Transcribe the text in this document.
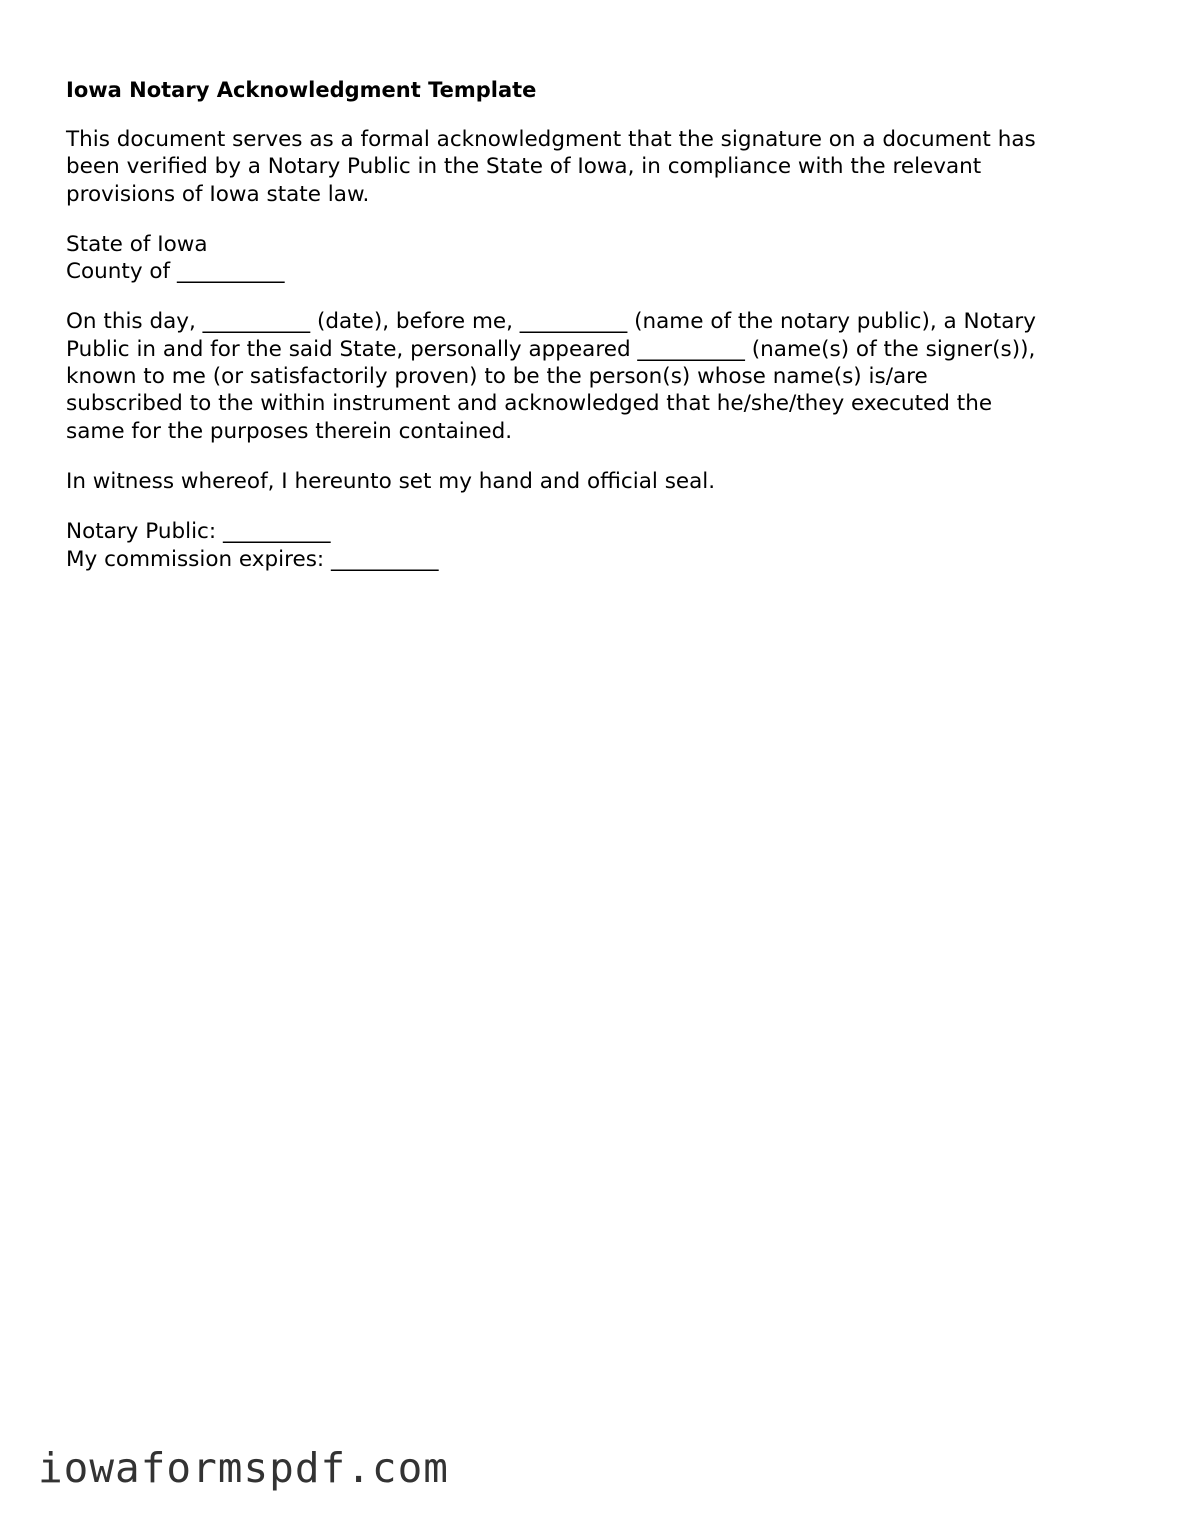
Iowa Notary Acknowledgment Template
This document serves as a formal acknowledgment that the signature on a document has
been verified by a Notary Public in the State of Iowa, in compliance with the relevant
provisions of Iowa state law.
State of Iowa
County of __________
On this day, __________ (date), before me, __________ (name of the notary public), a Notary
Public in and for the said State, personally appeared __________ (name(s) of the signer(s)),
known to me (or satisfactorily proven) to be the person(s) whose name(s) is/are
subscribed to the within instrument and acknowledged that he/she/they executed the
same for the purposes therein contained.
In witness whereof, I hereunto set my hand and official seal.
Notary Public: __________
My commission expires: __________
iowaformspdf.com
